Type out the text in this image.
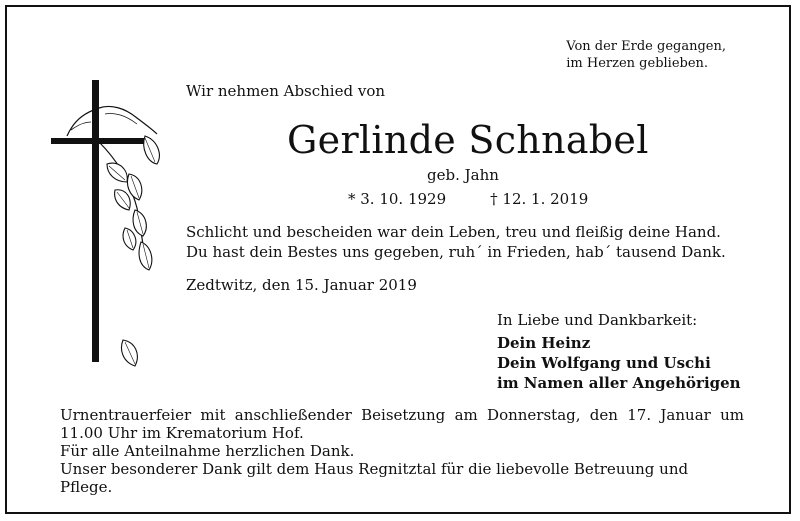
Von der Erde gegangen,
im Herzen geblieben.
Wir nehmen Abschied von
Gerlinde Schnabel
geb. Jahn
* 3. 10. 1929	† 12. 1. 2019
Schlicht und bescheiden war dein Leben, treu und fleißig deine Hand.
Du hast dein Bestes uns gegeben, ruh´ in Frieden, hab´ tausend Dank.
Zedtwitz, den 15. Januar 2019
In Liebe und Dankbarkeit:
Dein Heinz
Dein Wolfgang und Uschi
im Namen aller Angehörigen
Urnentrauerfeier mit anschließender Beisetzung am Donnerstag, den 17. Januar um
11.00 Uhr im Krematorium Hof.
Für alle Anteilnahme herzlichen Dank.
Unser besonderer Dank gilt dem Haus Regnitztal für die liebevolle Betreuung und Pflege.
